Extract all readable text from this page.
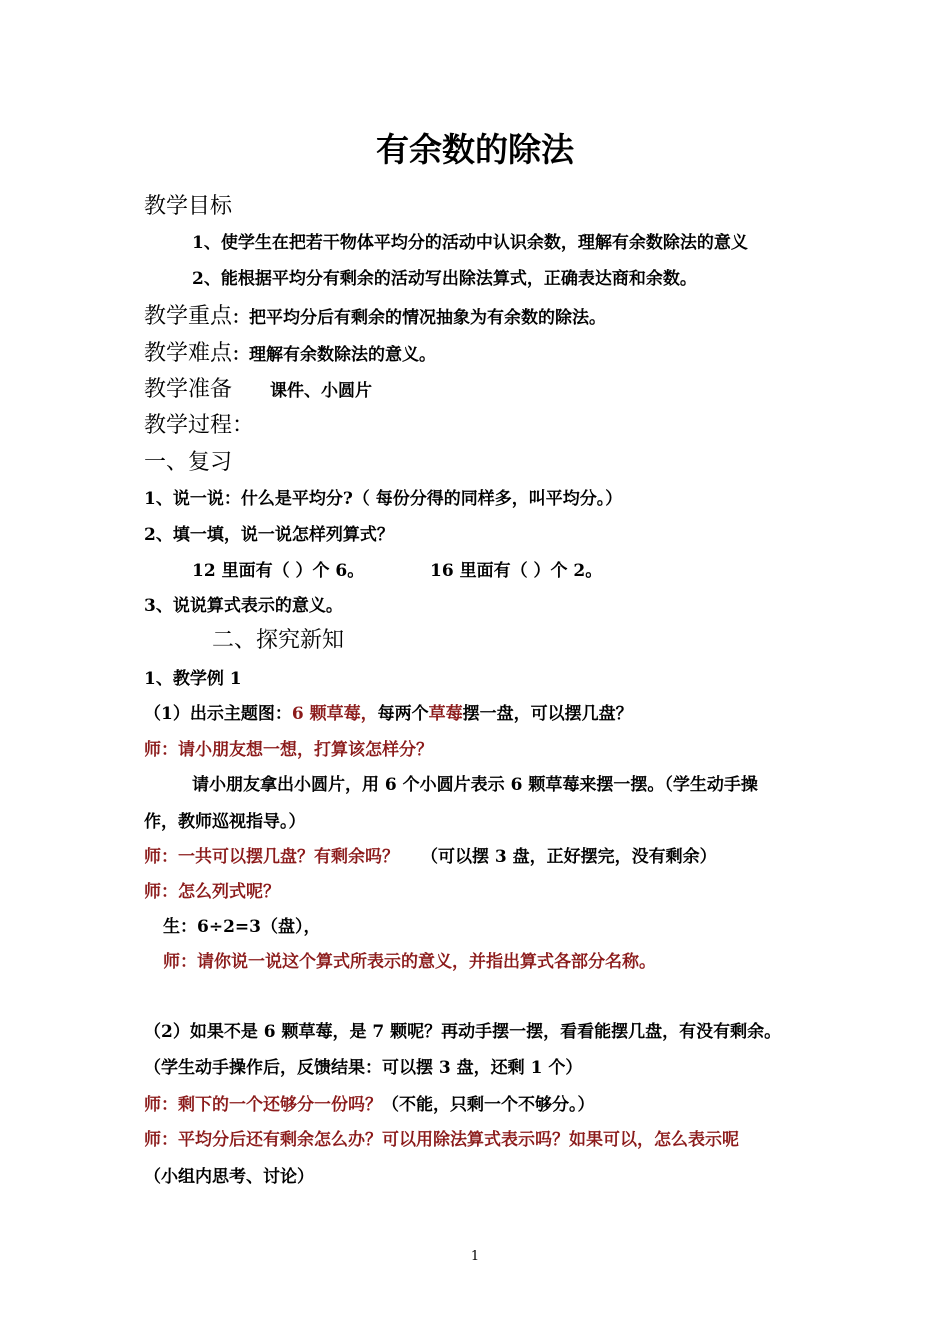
有余数的除法
教学目标
1、使学生在把若干物体平均分的活动中认识余数，理解有余数除法的意义
2、能根据平均分有剩余的活动写出除法算式，正确表达商和余数。
教学重点：把平均分后有剩余的情况抽象为有余数的除法。
教学难点：理解有余数除法的意义。
教学准备 课件、小圆片
教学过程：
一、复习
1、说一说：什么是平均分?（ 每份分得的同样多，叫平均分。）
2、填一填，说一说怎样列算式？
12 里面有（ ）个 6。	16 里面有（ ）个 2。
3、说说算式表示的意义。
二、探究新知
1、教学例 1
（1）出示主题图：6 颗草莓，每两个草莓摆一盘，可以摆几盘？
师：请小朋友想一想，打算该怎样分？
请小朋友拿出小圆片，用 6 个小圆片表示 6 颗草莓来摆一摆。（学生动手操
作，教师巡视指导。）
师：一共可以摆几盘？有剩余吗？ （可以摆 3 盘，正好摆完，没有剩余）
师：怎么列式呢？
生：6÷2=3（盘），
师：请你说一说这个算式所表示的意义，并指出算式各部分名称。
（2）如果不是 6 颗草莓，是 7 颗呢？再动手摆一摆，看看能摆几盘，有没有剩余。
（学生动手操作后，反馈结果：可以摆 3 盘，还剩 1 个）
师：剩下的一个还够分一份吗？（不能，只剩一个不够分。）
师：平均分后还有剩余怎么办？可以用除法算式表示吗？如果可以，怎么表示呢
（小组内思考、讨论）
1
